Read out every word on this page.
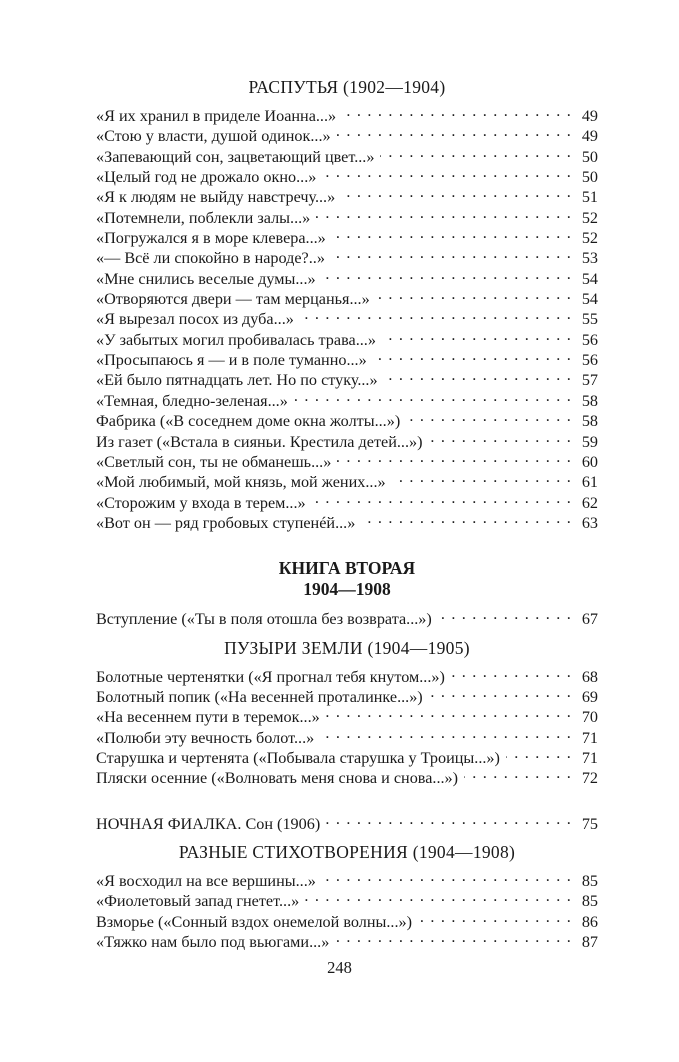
РАСПУТЬЯ (1902—1904)
«Я их хранил в приделе Иоанна...» . . .	49
«Стою у власти, душой одинок...» . . .	49
«Запевающий сон, зацветающий цвет...» . . .	50
«Целый год не дрожало окно...» . . .	50
«Я к людям не выйду навстречу...» . . .	51
«Потемнели, поблекли залы...» . . .	52
«Погружался я в море клевера...» . . .	52
«— Всё ли спокойно в народе?..» . . .	53
«Мне снились веселые думы...» . . .	54
«Отворяются двери — там мерцанья...» . . .	54
«Я вырезал посох из дуба...» . . .	55
«У забытых могил пробивалась трава...» . . .	56
«Просыпаюсь я — и в поле туманно...» . . .	56
«Ей было пятнадцать лет. Но по стуку...» . . .	57
«Темная, бледно-зеленая...» . . .	58
Фабрика («В соседнем доме окна жолты...») . . .	58
Из газет («Встала в сияньи. Крестила детей...») . . .	59
«Светлый сон, ты не обманешь...» . . .	60
«Мой любимый, мой князь, мой жених...» . . .	61
«Сторожим у входа в терем...» . . .	62
«Вот он — ряд гробовых ступенéй...» . . .	63
КНИГА ВТОРАЯ
1904—1908
Вступление («Ты в поля отошла без возврата...») . . .	67
ПУЗЫРИ ЗЕМЛИ (1904—1905)
Болотные чертенятки («Я прогнал тебя кнутом...») . . .	68
Болотный попик («На весенней проталинке...») . . .	69
«На весеннем пути в теремок...» . . .	70
«Полюби эту вечность болот...» . . .	71
Старушка и чертенята («Побывала старушка у Троицы...») . . .	71
Пляски осенние («Волновать меня снова и снова...») . . .	72
НОЧНАЯ ФИАЛКА. Сон (1906) . . .	75
РАЗНЫЕ СТИХОТВОРЕНИЯ (1904—1908)
«Я восходил на все вершины...» . . .	85
«Фиолетовый запад гнетет...» . . .	85
Взморье («Сонный вздох онемелой волны...») . . .	86
«Тяжко нам было под вьюгами...» . . .	87
248
